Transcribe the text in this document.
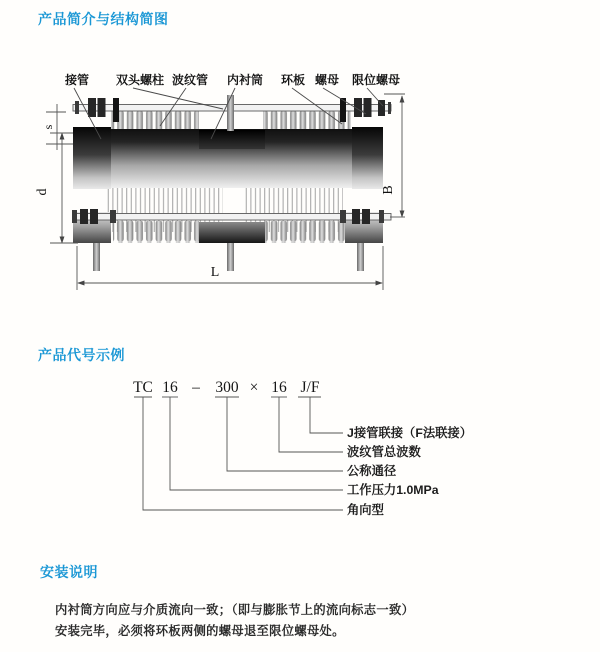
产品简介与结构简图
s
d	B
L
接管 双头螺柱 波纹管 内衬筒 环板 螺母 限位螺母
产品代号示例
TC 16 – 300 × 16 J/F
J接管联接（F法联接）
波纹管总波数
公称通径
工作压力1.0MPa
角向型
安装说明
内衬筒方向应与介质流向一致；（即与膨胀节上的流向标志一致）
安装完毕，必须将环板两侧的螺母退至限位螺母处。
